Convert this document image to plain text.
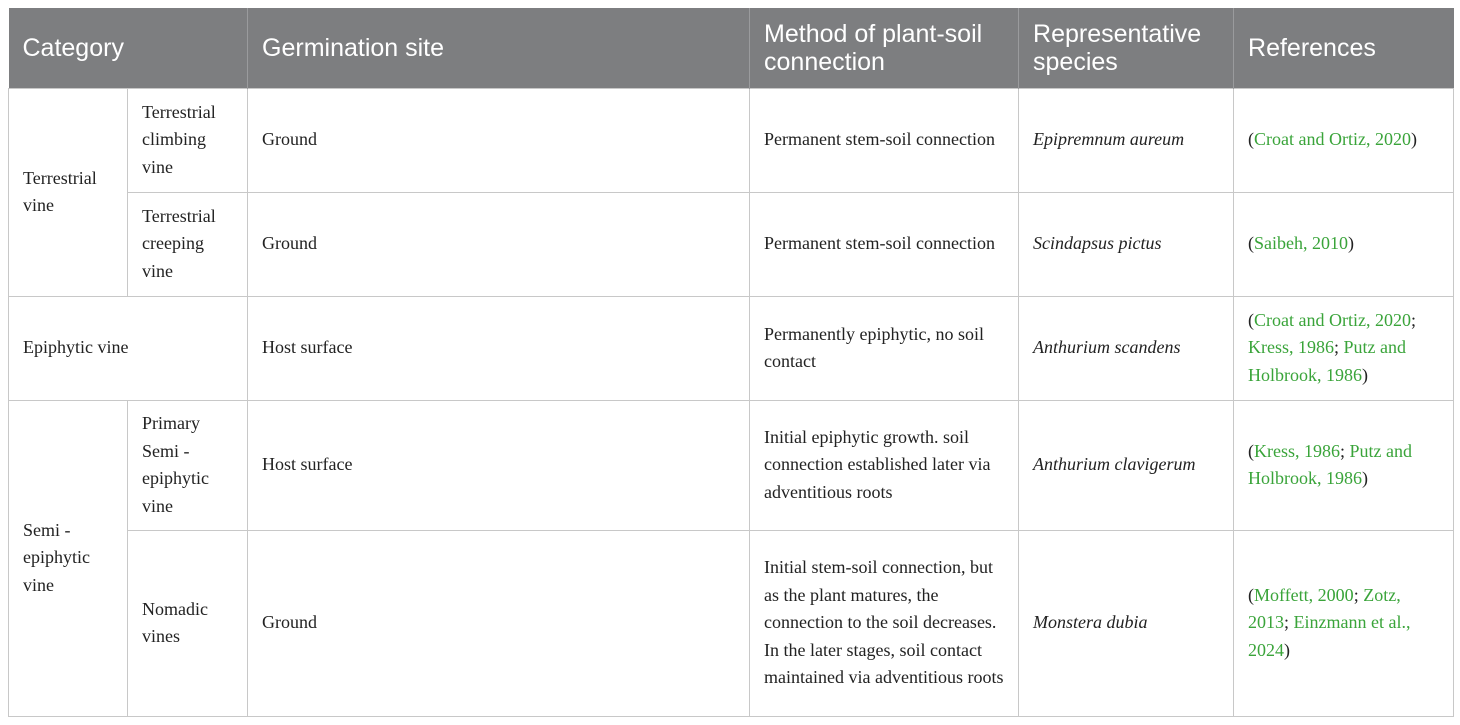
Category		Germination site	Method of plant-soil connection	Representative species	References
Terrestrial vine	Terrestrial climbing vine	Ground	Permanent stem-soil connection	Epipremnum aureum	(Croat and Ortiz, 2020)
	Terrestrial creeping vine	Ground	Permanent stem-soil connection	Scindapsus pictus	(Saibeh, 2010)
Epiphytic vine		Host surface	Permanently epiphytic, no soil contact	Anthurium scandens	(Croat and Ortiz, 2020; Kress, 1986; Putz and Holbrook, 1986)
Semi -epiphytic vine	Primary Semi -epiphytic vine	Host surface	Initial epiphytic growth. soil connection established later via adventitious roots	Anthurium clavigerum	(Kress, 1986; Putz and Holbrook, 1986)
	Nomadic vines	Ground	Initial stem-soil connection, but as the plant matures, the connection to the soil decreases. In the later stages, soil contact maintained via adventitious roots	Monstera dubia	(Moffett, 2000; Zotz, 2013; Einzmann et al., 2024)
